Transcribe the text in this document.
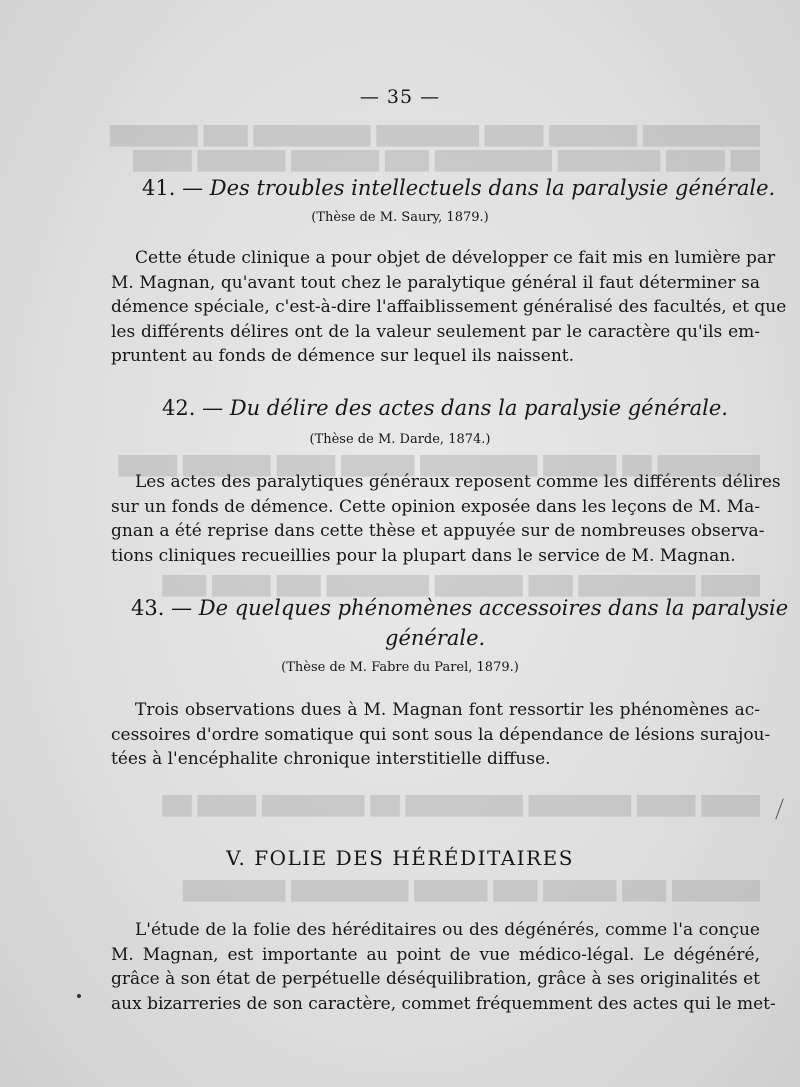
████████ ██████ ████ ███████ ████████ ███ ██████
██ ████ ███████ ████████ ███ ██████ ██████ ████
███████ ██ █████ ████████ █████ ████ ██████ ████
████ ████████ ███ ██████ ███████ ███ ████ ███
████ ████ ███████ ████████ ██ ███████ ████ ██
██████ ███ █████ ███ █████ ████████ ███████
— 35 —
41. — Des troubles intellectuels dans la paralysie générale.
(Thèse de M. Saury, 1879.)
Cette étude clinique a pour objet de développer ce fait mis en lumière par
M. Magnan, qu'avant tout chez le paralytique général il faut déterminer sa
démence spéciale, c'est-à-dire l'affaiblissement généralisé des facultés, et que
les différents délires ont de la valeur seulement par le caractère qu'ils em-
pruntent au fonds de démence sur lequel ils naissent.
42. — Du délire des actes dans la paralysie générale.
(Thèse de M. Darde, 1874.)
Les actes des paralytiques généraux reposent comme les différents délires
sur un fonds de démence. Cette opinion exposée dans les leçons de M. Ma-
gnan a été reprise dans cette thèse et appuyée sur de nombreuses observa-
tions cliniques recueillies pour la plupart dans le service de M. Magnan.
43. — De quelques phénomènes accessoires dans la paralysie
générale.
(Thèse de M. Fabre du Parel, 1879.)
Trois observations dues à M. Magnan font ressortir les phénomènes ac-
cessoires d'ordre somatique qui sont sous la dépendance de lésions surajou-
tées à l'encéphalite chronique interstitielle diffuse.
V. FOLIE DES HÉRÉDITAIRES
L'étude de la folie des héréditaires ou des dégénérés, comme l'a conçue
M. Magnan, est importante au point de vue médico-légal. Le dégénéré,
grâce à son état de perpétuelle déséquilibration, grâce à ses originalités et
aux bizarreries de son caractère, commet fréquemment des actes qui le met-
